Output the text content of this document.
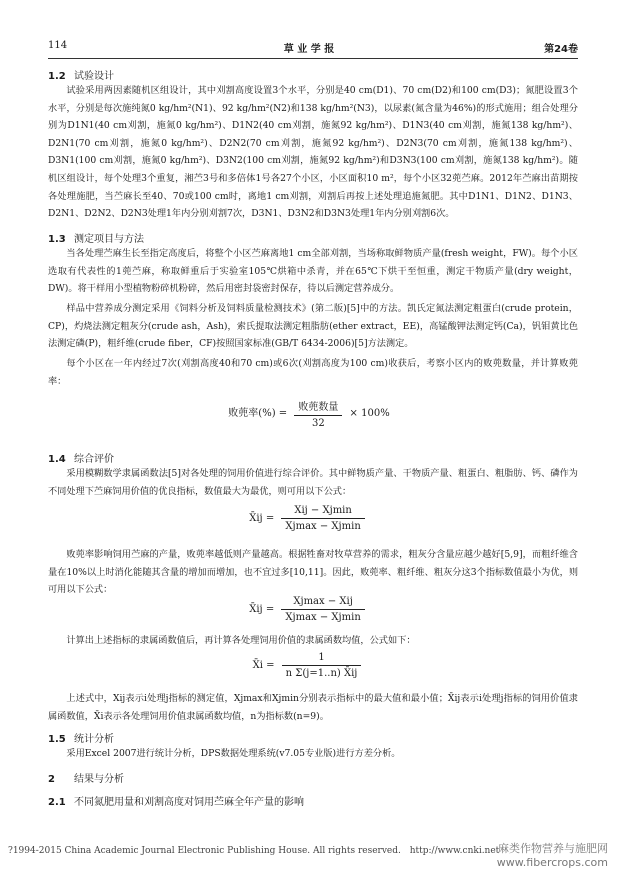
114	草 业 学 报	第24卷
1.2 试验设计
试验采用两因素随机区组设计，其中刈割高度设置3个水平，分别是40 cm(D1)、70 cm(D2)和100 cm(D3)；氮肥设置3个水平，分别是每次施纯氮0 kg/hm²(N1)、92 kg/hm²(N2)和138 kg/hm²(N3)，以尿素(氮含量为46%)的形式施用；组合处理分别为D1N1(40 cm刈割，施氮0 kg/hm²)、D1N2(40 cm刈割，施氮92 kg/hm²)、D1N3(40 cm刈割，施氮138 kg/hm²)、D2N1(70 cm刈割，施氮0 kg/hm²)、D2N2(70 cm刈割，施氮92 kg/hm²)、D2N3(70 cm刈割，施氮138 kg/hm²)、D3N1(100 cm刈割，施氮0 kg/hm²)、D3N2(100 cm刈割，施氮92 kg/hm²)和D3N3(100 cm刈割，施氮138 kg/hm²)。随机区组设计，每个处理3个重复，湘苎3号和多倍体1号各27个小区，小区面积10 m²，每个小区32蔸苎麻。2012年苎麻出苗期按各处理施肥，当苎麻长至40、70或100 cm时，离地1 cm刈割，刈割后再按上述处理追施氮肥。其中D1N1、D1N2、D1N3、D2N1、D2N2、D2N3处理1年内分别刈割7次，D3N1、D3N2和D3N3处理1年内分别刈割6次。
1.3 测定项目与方法
当各处理苎麻生长至指定高度后，将整个小区苎麻离地1 cm全部刈割，当场称取鲜物质产量(fresh weight，FW)。每个小区选取有代表性的1蔸苎麻，称取鲜重后于实验室105℃烘箱中杀青，并在65℃下烘干至恒重，测定干物质产量(dry weight，DW)。将干样用小型植物粉碎机粉碎，然后用密封袋密封保存，待以后测定营养成分。
样品中营养成分测定采用《饲料分析及饲料质量检测技术》(第二版)[5]中的方法。凯氏定氮法测定粗蛋白(crude protein，CP)，灼烧法测定粗灰分(crude ash，Ash)，索氏提取法测定粗脂肪(ether extract，EE)，高锰酸钾法测定钙(Ca)，钒钼黄比色法测定磷(P)，粗纤维(crude fiber，CF)按照国家标准(GB/T 6434-2006)[5]方法测定。
每个小区在一年内经过7次(刈割高度40和70 cm)或6次(刈割高度为100 cm)收获后，考察小区内的败蔸数量，并计算败蔸率：
败蔸率(%) = $\frac{\text{败蔸数量}}{32} \times 100\%$
1.4 综合评价
采用模糊数学隶属函数法[5]对各处理的饲用价值进行综合评价。其中鲜物质产量、干物质产量、粗蛋白、粗脂肪、钙、磷作为不同处理下苎麻饲用价值的优良指标，数值最大为最优，则可用以下公式：
X̄ij = $\frac{\text{Xij − Xjmin}}{Xjmax - Xjmin}$
败蔸率影响饲用苎麻的产量，败蔸率越低则产量越高。根据牲畜对牧草营养的需求，粗灰分含量应越少越好[5,9]，而粗纤维含量在10%以上时消化能随其含量的增加而增加，也不宜过多[10,11]。因此，败蔸率、粗纤维、粗灰分这3个指标数值最小为优，则可用以下公式：
X̄ij = $\frac{\text{Xjmax − Xij}}{Xjmax - Xjmin}$
计算出上述指标的隶属函数值后，再计算各处理饲用价值的隶属函数均值，公式如下：
X̄i = $\frac{1}{\text{n Σ(j=1..n) X̄ij}}$
上述式中，Xij表示i处理j指标的测定值，Xjmax和Xjmin分别表示指标中的最大值和最小值；X̄ij表示i处理j指标的饲用价值隶属函数值，X̄i表示各处理饲用价值隶属函数均值，n为指标数(n=9)。
1.5 统计分析
采用Excel 2007进行统计分析，DPS数据处理系统(v7.05专业版)进行方差分析。
2 结果与分析
2.1 不同氮肥用量和刈割高度对饲用苎麻全年产量的影响
?1994-2015 China Academic Journal Electronic Publishing House. All rights reserved. http://www.cnki.net
麻类作物营养与施肥网
www.fibercrops.com
